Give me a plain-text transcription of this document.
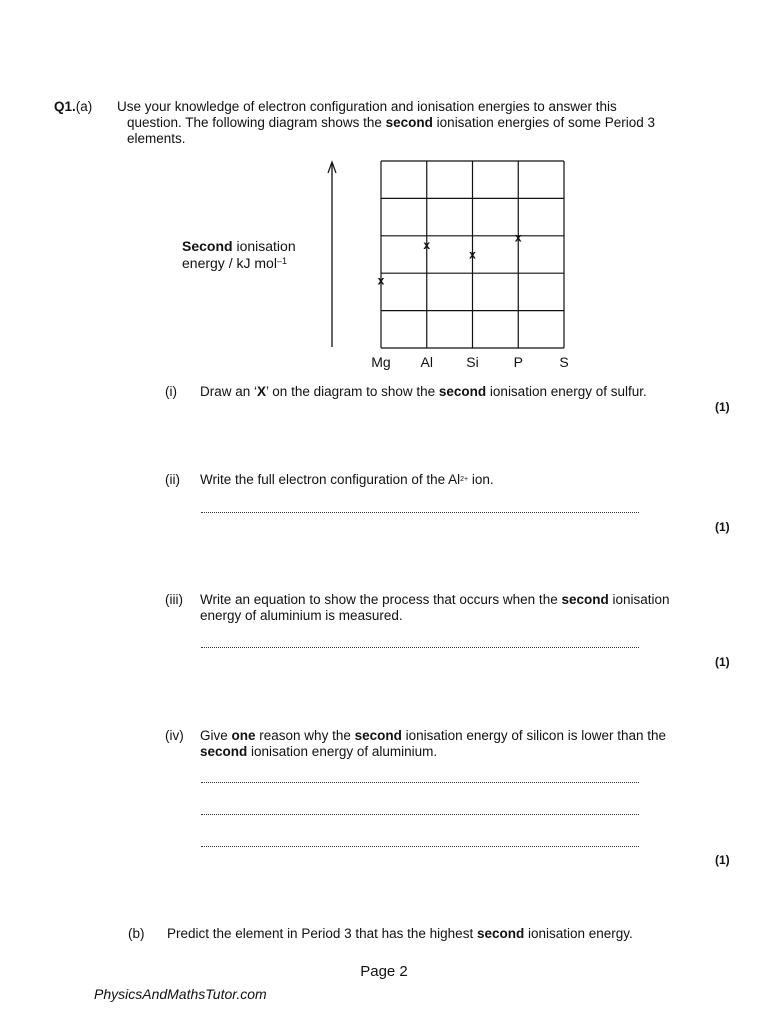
Q1.(a) Use your knowledge of electron configuration and ionisation energies to answer this
question. The following diagram shows the second ionisation energies of some Period 3
elements.
Second ionisation
energy / kJ mol$^{-1}$
x
x
x
x
Mg Al Si P	S
(i) Draw an ‘X’ on the diagram to show the second ionisation energy of sulfur.
(1)
(ii) Write the full electron configuration of the $Al^{2+}$ ion.
(1)
(iii) Write an equation to show the process that occurs when the second ionisation
energy of aluminium is measured.
(1)
(iv) Give one reason why the second ionisation energy of silicon is lower than the
second ionisation energy of aluminium.
(1)
(b) Predict the element in Period 3 that has the highest second ionisation energy.
Page 2
PhysicsAndMathsTutor.com
